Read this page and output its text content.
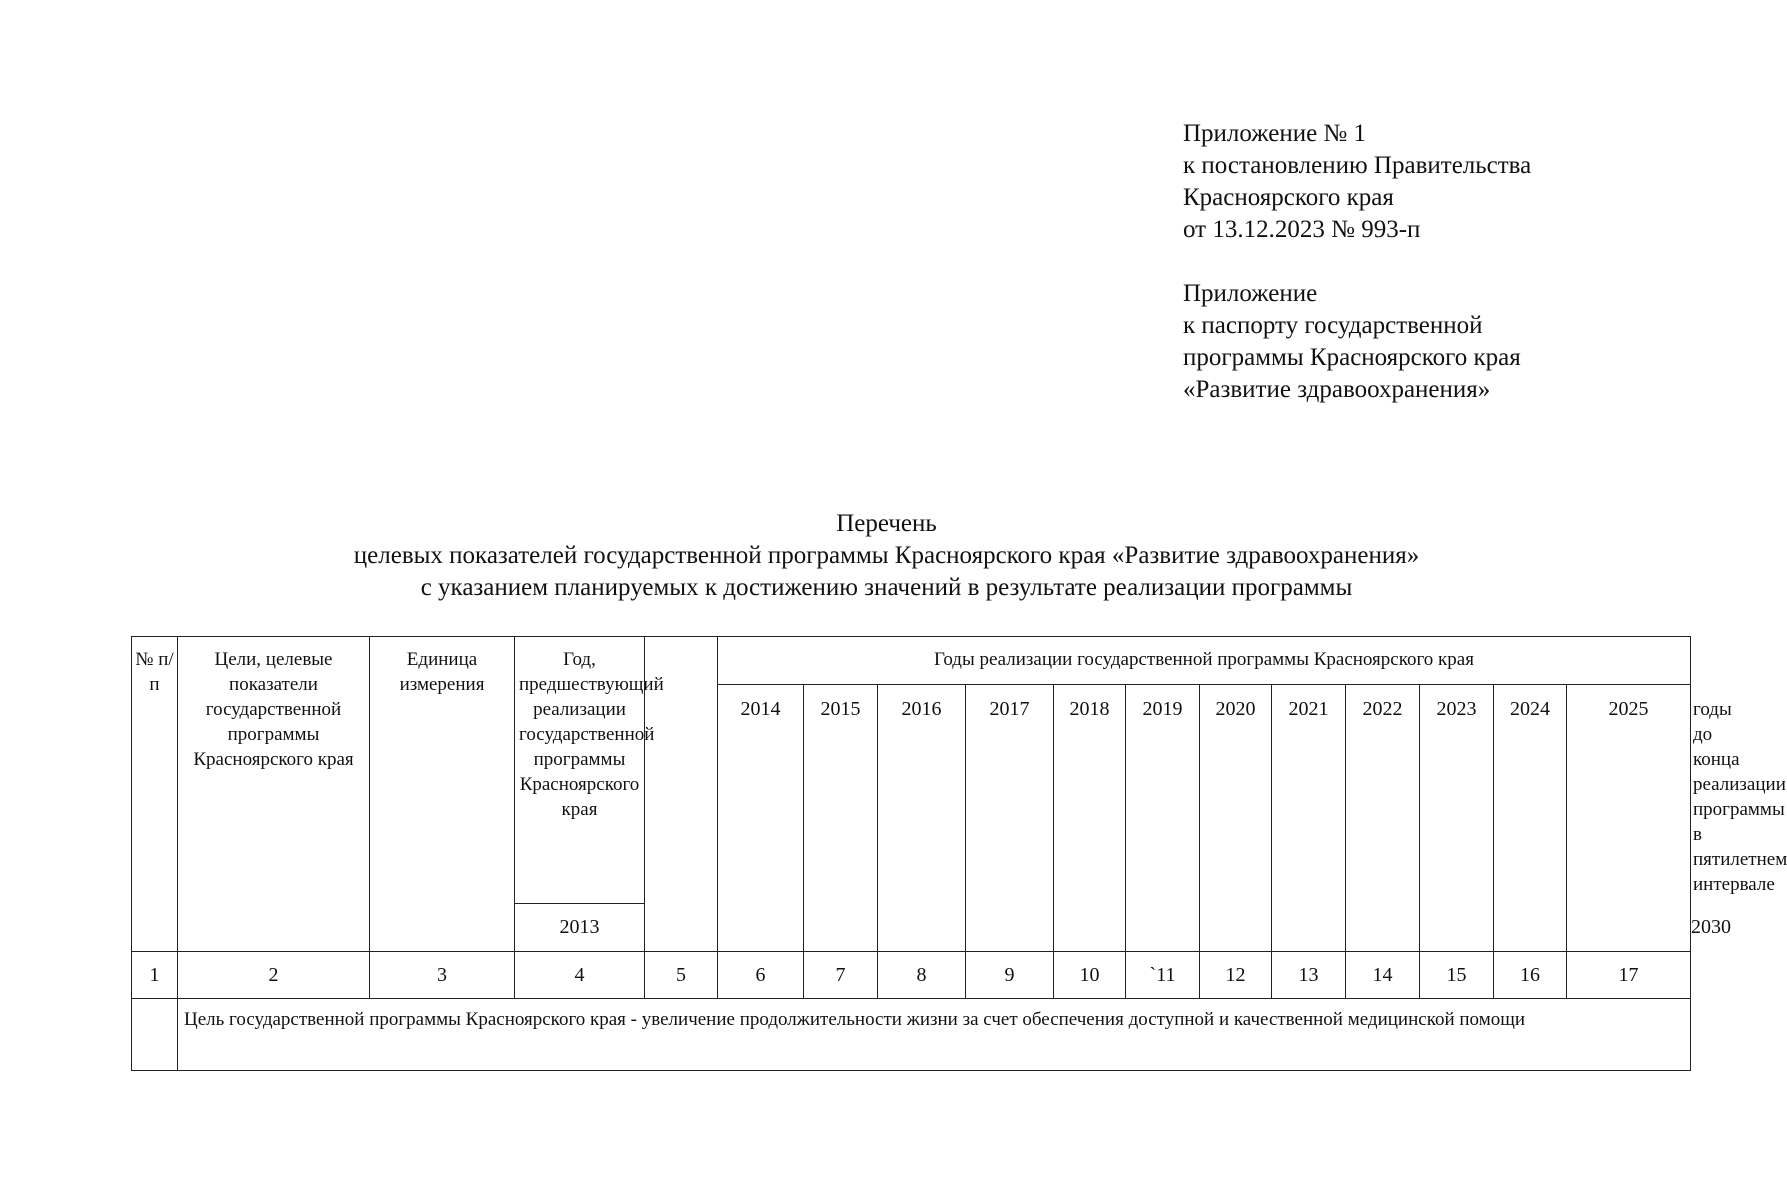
Приложение № 1
к постановлению Правительства
Красноярского края
от 13.12.2023 № 993-п

Приложение
к паспорту государственной
программы Красноярского края
«Развитие здравоохранения»

Перечень
целевых показателей государственной программы Красноярского края «Развитие здравоохранения»
с указанием планируемых к достижению значений в результате реализации программы
№ п/п	Цели, целевые показатели государственной программы Красноярского края	Единица измерения	Год, предшествующий реализации государственной программы Красноярского края		Годы реализации государственной программы Красноярского края												
					2014	2015	2016	2017	2018	2019	2020	2021	2022	2023	2024	2025	годы до конца реализации программы в пятилетнем интервале
			2013														2030
1	2	3	4	5	6	7	8	9	10	`11	12	13	14	15	16	17	
	Цель государственной программы Красноярского края - увеличение продолжительности жизни за счет обеспечения доступной и качественной медицинской помощи																
